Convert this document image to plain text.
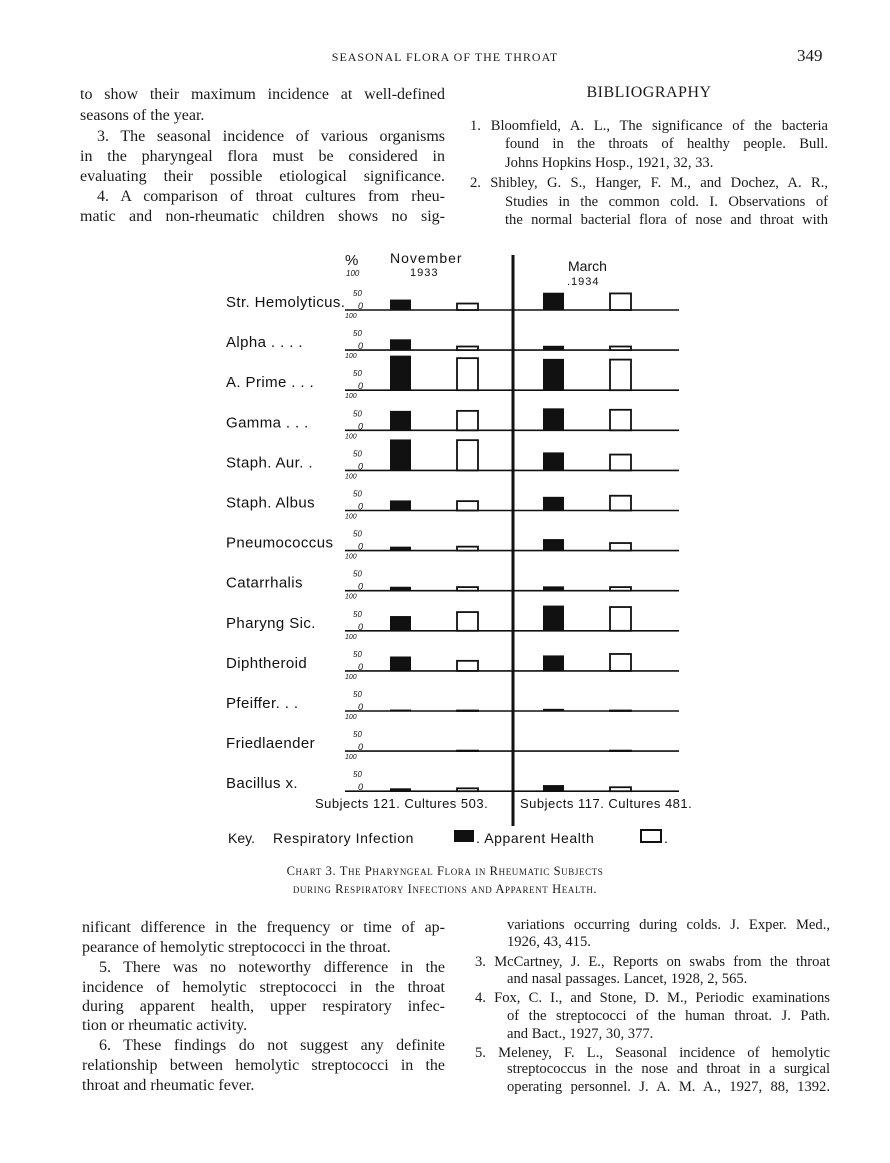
SEASONAL FLORA OF THE THROAT	349
BIBLIOGRAPHY
to show their maximum incidence at well-defined
seasons of the year.
3. The seasonal incidence of various organisms
in the pharyngeal flora must be considered in
evaluating their possible etiological significance.
4. A comparison of throat cultures from rheu-
matic and non-rheumatic children shows no sig-
1. Bloomfield, A. L., The significance of the bacteria
found in the throats of healthy people. Bull.
Johns Hopkins Hosp., 1921, 32, 33.
2. Shibley, G. S., Hanger, F. M., and Dochez, A. R.,
Studies in the common cold. I. Observations of
the normal bacterial flora of nose and throat with
nificant difference in the frequency or time of ap-
pearance of hemolytic streptococci in the throat.
5. There was no noteworthy difference in the
incidence of hemolytic streptococci in the throat
during apparent health, upper respiratory infec-
tion or rheumatic activity.
6. These findings do not suggest any definite
relationship between hemolytic streptococci in the
throat and rheumatic fever.
variations occurring during colds. J. Exper. Med.,
1926, 43, 415.
3. McCartney, J. E., Reports on swabs from the throat
and nasal passages. Lancet, 1928, 2, 565.
4. Fox, C. I., and Stone, D. M., Periodic examinations
of the streptococci of the human throat. J. Path.
and Bact., 1927, 30, 377.
5. Meleney, F. L., Seasonal incidence of hemolytic
streptococcus in the nose and throat in a surgical
operating personnel. J. A. M. A., 1927, 88, 1392.
%
100
November
1933	March
.1934
Str. Hemolyticus.
50
0
100
Alpha . . . .
50
0
100
A. Prime . . .
50
0
100
Gamma . . .
50
0
100
Staph. Aur. .
50
0
100
Staph. Albus
50
0
100
Pneumococcus
50
0
100
Catarrhalis
50
0
100
Pharyng Sic.
50
0
100
Diphtheroid
50
0
100
Pfeiffer. . .
50
0
100
Friedlaender
50
0
100
Bacillus x.
50
0
Subjects 121. Cultures 503. Subjects 117. Cultures 481.
Key. Respiratory Infection	. Apparent Health	.
Chart 3. The Pharyngeal Flora in Rheumatic Subjects
during Respiratory Infections and Apparent Health.
